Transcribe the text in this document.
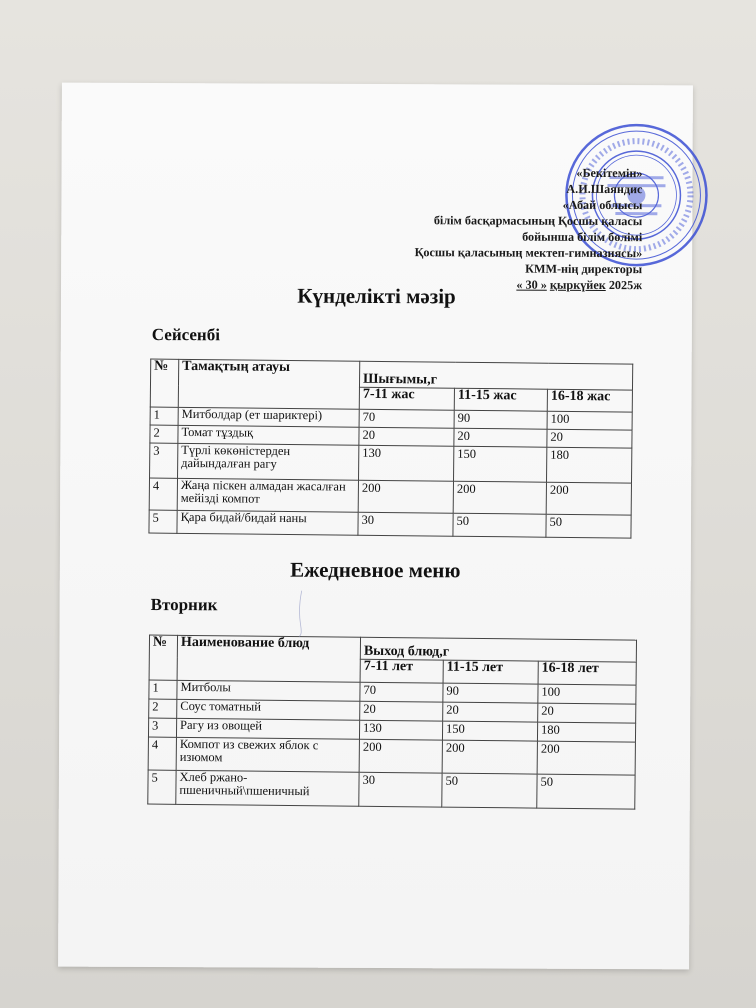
«Бекітемін»
А.И.Шаяндис
«Абай облысы
білім басқармасының Қосшы қаласы
бойынша білім бөлімі
Қосшы қаласының мектеп-гимназиясы»
КММ-нің директоры
« 30 » қыркүйек 2025ж
Күнделікті мәзір
Сейсенбі
№	Тамақтың атауы	Шығымы,г		
		7-11 жас	11-15 жас	16-18 жас
1	Митболдар (ет шариктері)	70	90	100
2	Томат тұздық	20	20	20
3	Түрлі көкөністерден дайындалған рагу	130	150	180
4	Жаңа піскен алмадан жасалған мейізді компот	200	200	200
5	Қара бидай/бидай наны	30	50	50
Ежедневное меню
Вторник
№	Наименование блюд	Выход блюд,г		
		7-11 лет	11-15 лет	16-18 лет
1	Митболы	70	90	100
2	Соус томатный	20	20	20
3	Рагу из овощей	130	150	180
4	Компот из свежих яблок с изюмом	200	200	200
5	Хлеб ржано-пшеничный\пшеничный	30	50	50
